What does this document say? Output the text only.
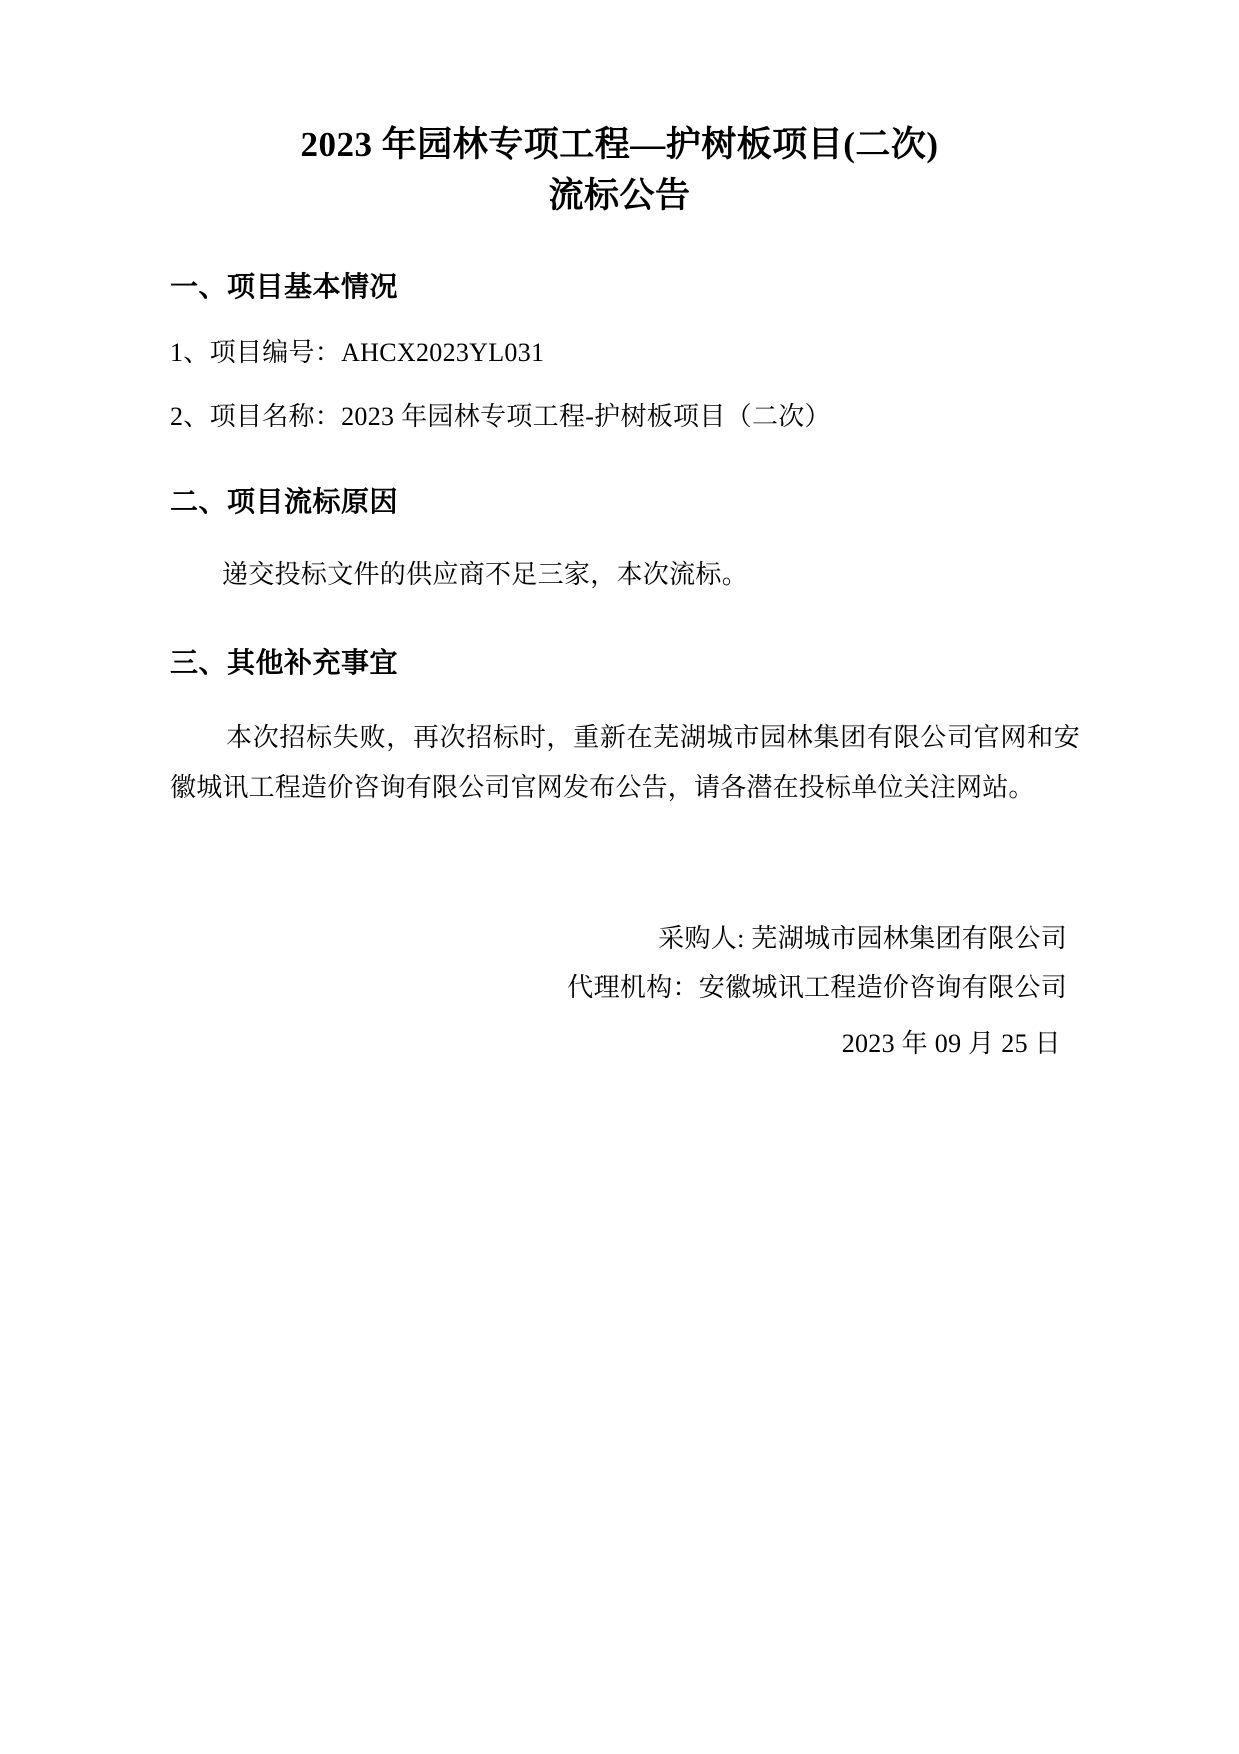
2023 年园林专项工程—护树板项目(二次)
流标公告
一、项目基本情况

1、项目编号：AHCX2023YL031

2、项目名称：2023 年园林专项工程-护树板项目（二次）

二、项目流标原因

递交投标文件的供应商不足三家，本次流标。

三、其他补充事宜

本次招标失败，再次招标时，重新在芜湖城市园林集团有限公司官网和安徽城讯工程造价咨询有限公司官网发布公告，请各潜在投标单位关注网站。

采购人: 芜湖城市园林集团有限公司
代理机构：安徽城讯工程造价咨询有限公司
2023 年 09 月 25 日
